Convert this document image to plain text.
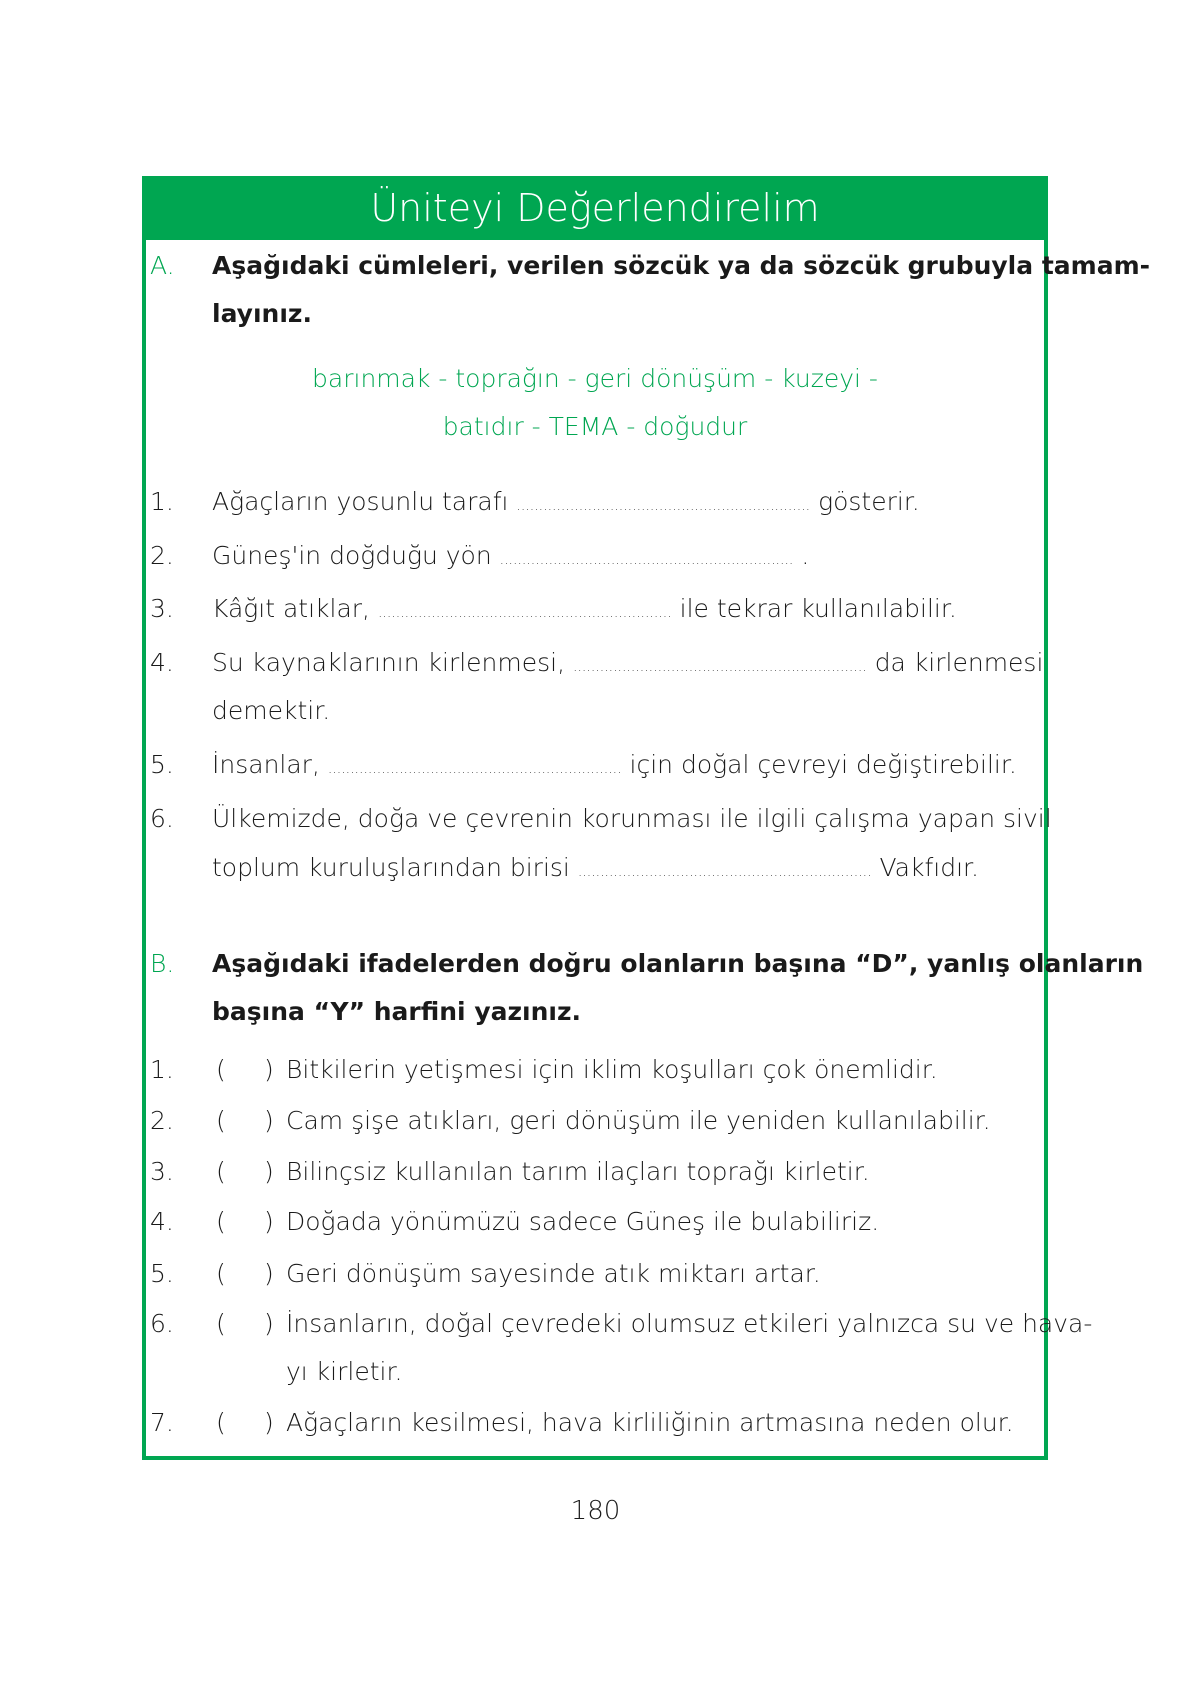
Üniteyi Değerlendirelim
A. Aşağıdaki cümleleri, verilen sözcük ya da sözcük grubuyla tamam-
layınız.
barınmak - toprağın - geri dönüşüm - kuzeyi -
batıdır - TEMA - doğudur
1. Ağaçların yosunlu tarafı .................................................................. gösterir.
2. Güneş'in doğduğu yön .................................................................. .
3. Kâğıt atıklar, .................................................................. ile tekrar kullanılabilir.
4. Su kaynaklarının kirlenmesi, .................................................................. da kirlenmesi
demektir.
5. İnsanlar, .................................................................. için doğal çevreyi değiştirebilir.
6. Ülkemizde, doğa ve çevrenin korunması ile ilgili çalışma yapan sivil
toplum kuruluşlarından birisi .................................................................. Vakfıdır.
B. Aşağıdaki ifadelerden doğru olanların başına “D”, yanlış olanların
başına “Y” harfini yazınız.
1. ( ) Bitkilerin yetişmesi için iklim koşulları çok önemlidir.
2. ( ) Cam şişe atıkları, geri dönüşüm ile yeniden kullanılabilir.
3. ( ) Bilinçsiz kullanılan tarım ilaçları toprağı kirletir.
4. ( ) Doğada yönümüzü sadece Güneş ile bulabiliriz.
5. ( ) Geri dönüşüm sayesinde atık miktarı artar.
6. ( ) İnsanların, doğal çevredeki olumsuz etkileri yalnızca su ve hava-
yı kirletir.
7. ( ) Ağaçların kesilmesi, hava kirliliğinin artmasına neden olur.
180
